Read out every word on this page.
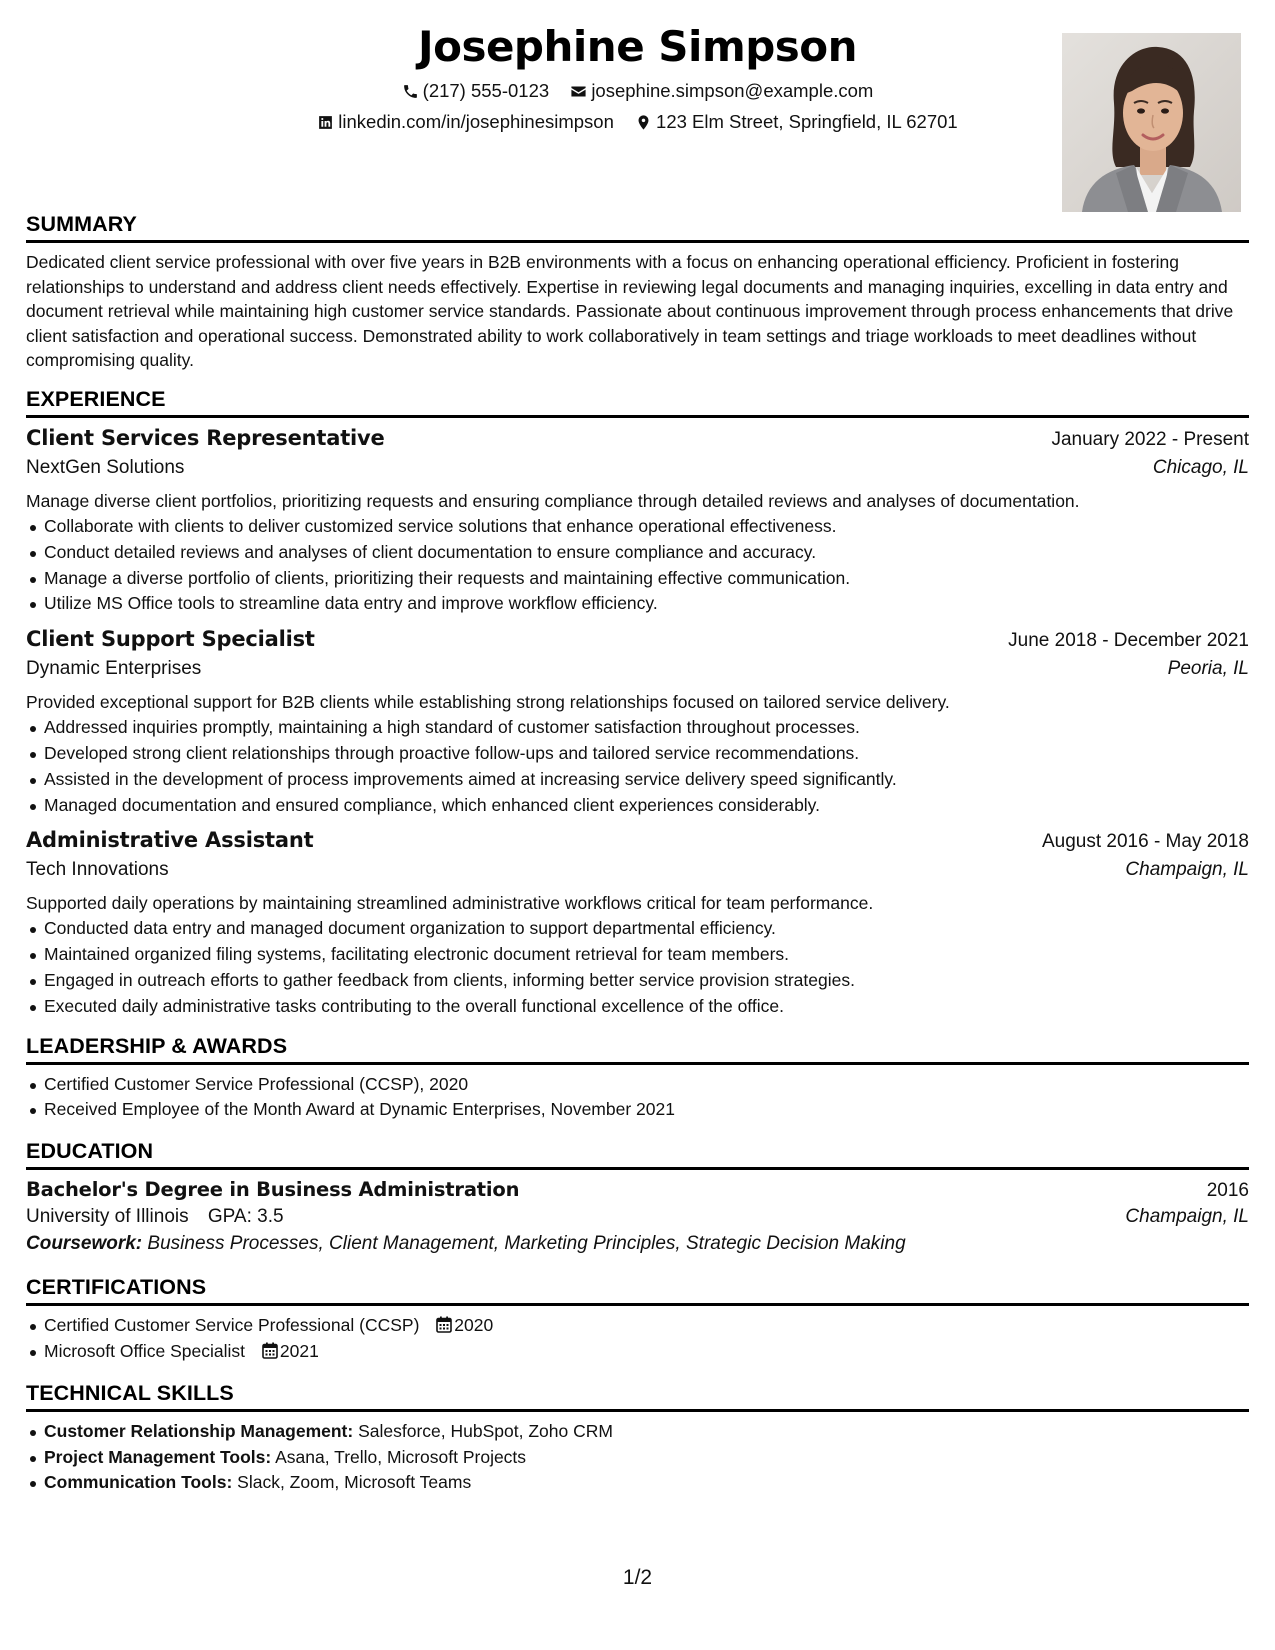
Josephine Simpson
(217) 555-0123
josephine.simpson@example.com
linkedin.com/in/josephinesimpson
123 Elm Street, Springfield, IL 62701
SUMMARY

Dedicated client service professional with over five years in B2B environments with a focus on enhancing operational efficiency. Proficient in fostering relationships to understand and address client needs effectively. Expertise in reviewing legal documents and managing inquiries, excelling in data entry and document retrieval while maintaining high customer service standards. Passionate about continuous improvement through process enhancements that drive client satisfaction and operational success. Demonstrated ability to work collaboratively in team settings and triage workloads to meet deadlines without compromising quality.

EXPERIENCE
Client Services Representative	January 2022 - Present
NextGen Solutions	Chicago, IL

Manage diverse client portfolios, prioritizing requests and ensuring compliance through detailed reviews and analyses of documentation.

Collaborate with clients to deliver customized service solutions that enhance operational effectiveness.
Conduct detailed reviews and analyses of client documentation to ensure compliance and accuracy.
Manage a diverse portfolio of clients, prioritizing their requests and maintaining effective communication.
Utilize MS Office tools to streamline data entry and improve workflow efficiency.
Client Support Specialist	June 2018 - December 2021
Dynamic Enterprises	Peoria, IL

Provided exceptional support for B2B clients while establishing strong relationships focused on tailored service delivery.

Addressed inquiries promptly, maintaining a high standard of customer satisfaction throughout processes.
Developed strong client relationships through proactive follow-ups and tailored service recommendations.
Assisted in the development of process improvements aimed at increasing service delivery speed significantly.
Managed documentation and ensured compliance, which enhanced client experiences considerably.
Administrative Assistant	August 2016 - May 2018
Tech Innovations	Champaign, IL

Supported daily operations by maintaining streamlined administrative workflows critical for team performance.

Conducted data entry and managed document organization to support departmental efficiency.
Maintained organized filing systems, facilitating electronic document retrieval for team members.
Engaged in outreach efforts to gather feedback from clients, informing better service provision strategies.
Executed daily administrative tasks contributing to the overall functional excellence of the office.
LEADERSHIP & AWARDS
Certified Customer Service Professional (CCSP), 2020
Received Employee of the Month Award at Dynamic Enterprises, November 2021
EDUCATION
Bachelor's Degree in Business Administration	2016
University of Illinois GPA: 3.5	Champaign, IL
Coursework: Business Processes, Client Management, Marketing Principles, Strategic Decision Making
CERTIFICATIONS
Certified Customer Service Professional (CCSP) 2020
Microsoft Office Specialist 2021
TECHNICAL SKILLS
Customer Relationship Management: Salesforce, HubSpot, Zoho CRM
Project Management Tools: Asana, Trello, Microsoft Projects
Communication Tools: Slack, Zoom, Microsoft Teams
1/2
